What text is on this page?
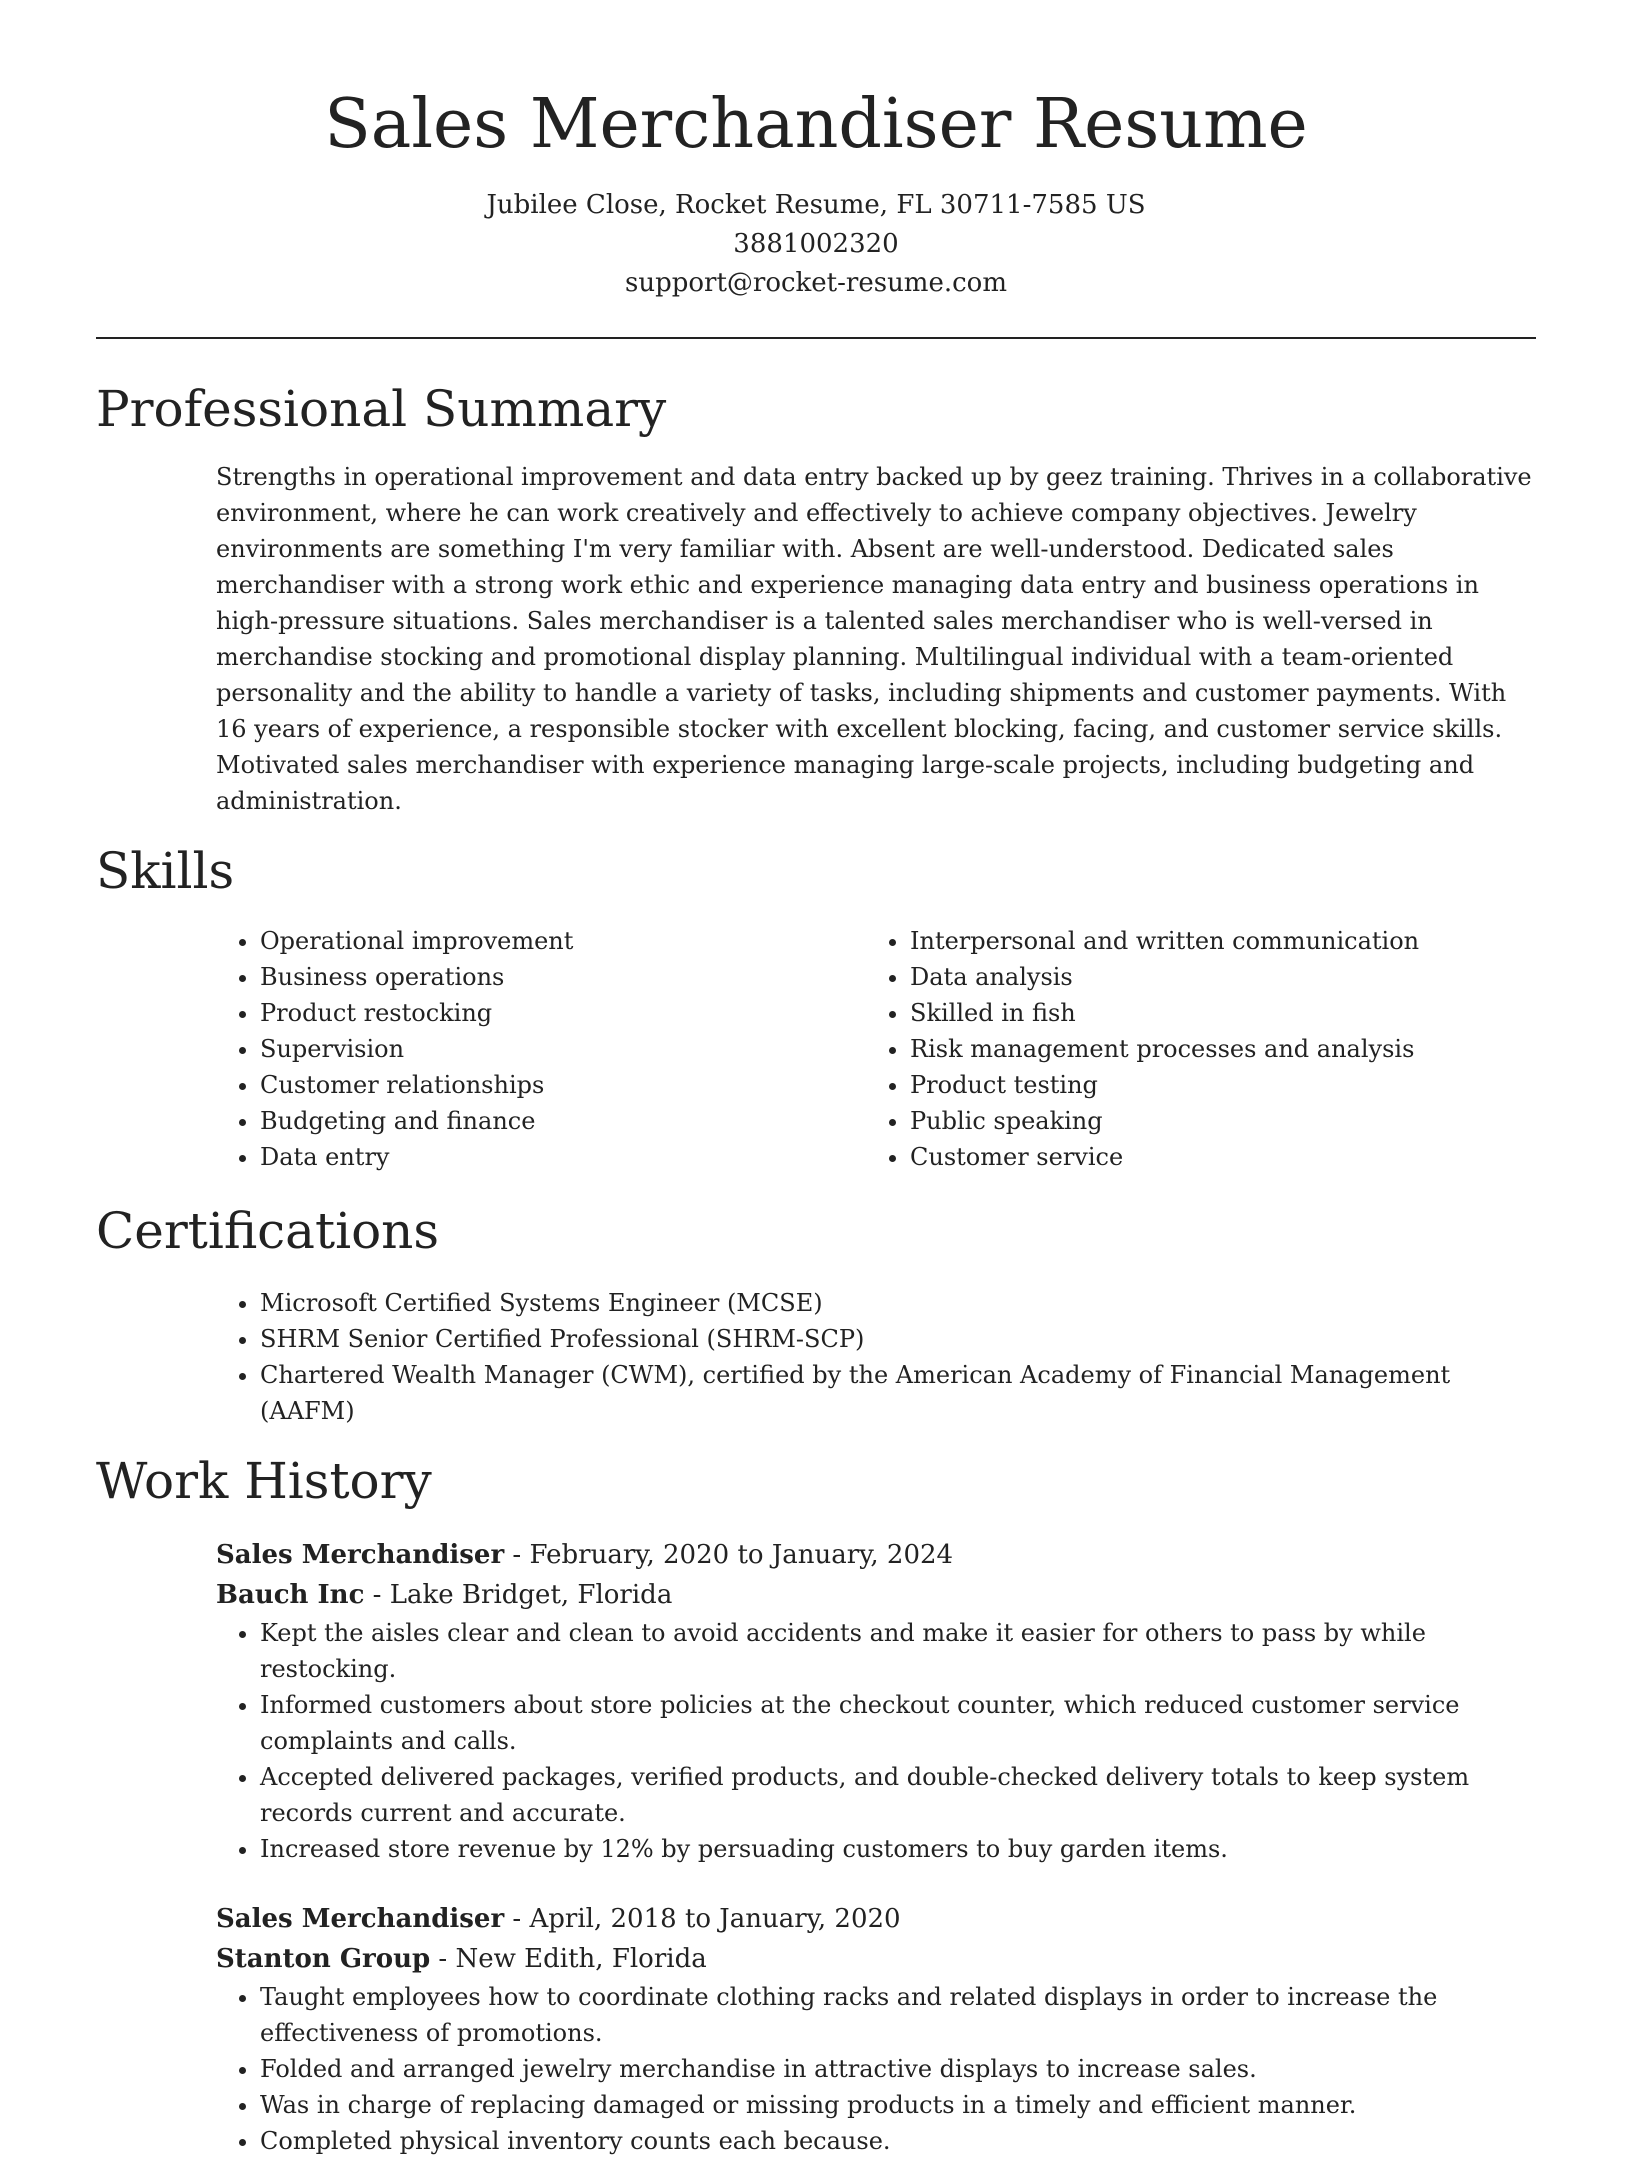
Sales Merchandiser Resume
Jubilee Close, Rocket Resume, FL 30711-7585 US
3881002320
support@rocket-resume.com
Professional Summary

Strengths in operational improvement and data entry backed up by geez training. Thrives in a collaborative environment, where he can work creatively and effectively to achieve company objectives. Jewelry environments are something I'm very familiar with. Absent are well-understood. Dedicated sales merchandiser with a strong work ethic and experience managing data entry and business operations in high-pressure situations. Sales merchandiser is a talented sales merchandiser who is well-versed in merchandise stocking and promotional display planning. Multilingual individual with a team-oriented personality and the ability to handle a variety of tasks, including shipments and customer payments. With 16 years of experience, a responsible stocker with excellent blocking, facing, and customer service skills. Motivated sales merchandiser with experience managing large-scale projects, including budgeting and administration.

Skills
• Operational improvement
• Business operations
• Product restocking
• Supervision
• Customer relationships
• Budgeting and finance
• Data entry
• Interpersonal and written communication
• Data analysis
• Skilled in fish
• Risk management processes and analysis
• Product testing
• Public speaking
• Customer service
Certifications
• Microsoft Certified Systems Engineer (MCSE)
• SHRM Senior Certified Professional (SHRM-SCP)
• Chartered Wealth Manager (CWM), certified by the American Academy of Financial Management (AAFM)
Work History
Sales Merchandiser - February, 2020 to January, 2024
Bauch Inc - Lake Bridget, Florida
• Kept the aisles clear and clean to avoid accidents and make it easier for others to pass by while restocking.
• Informed customers about store policies at the checkout counter, which reduced customer service complaints and calls.
• Accepted delivered packages, verified products, and double-checked delivery totals to keep system records current and accurate.
• Increased store revenue by 12% by persuading customers to buy garden items.
Sales Merchandiser - April, 2018 to January, 2020
Stanton Group - New Edith, Florida
• Taught employees how to coordinate clothing racks and related displays in order to increase the effectiveness of promotions.
• Folded and arranged jewelry merchandise in attractive displays to increase sales.
• Was in charge of replacing damaged or missing products in a timely and efficient manner.
• Completed physical inventory counts each because.
